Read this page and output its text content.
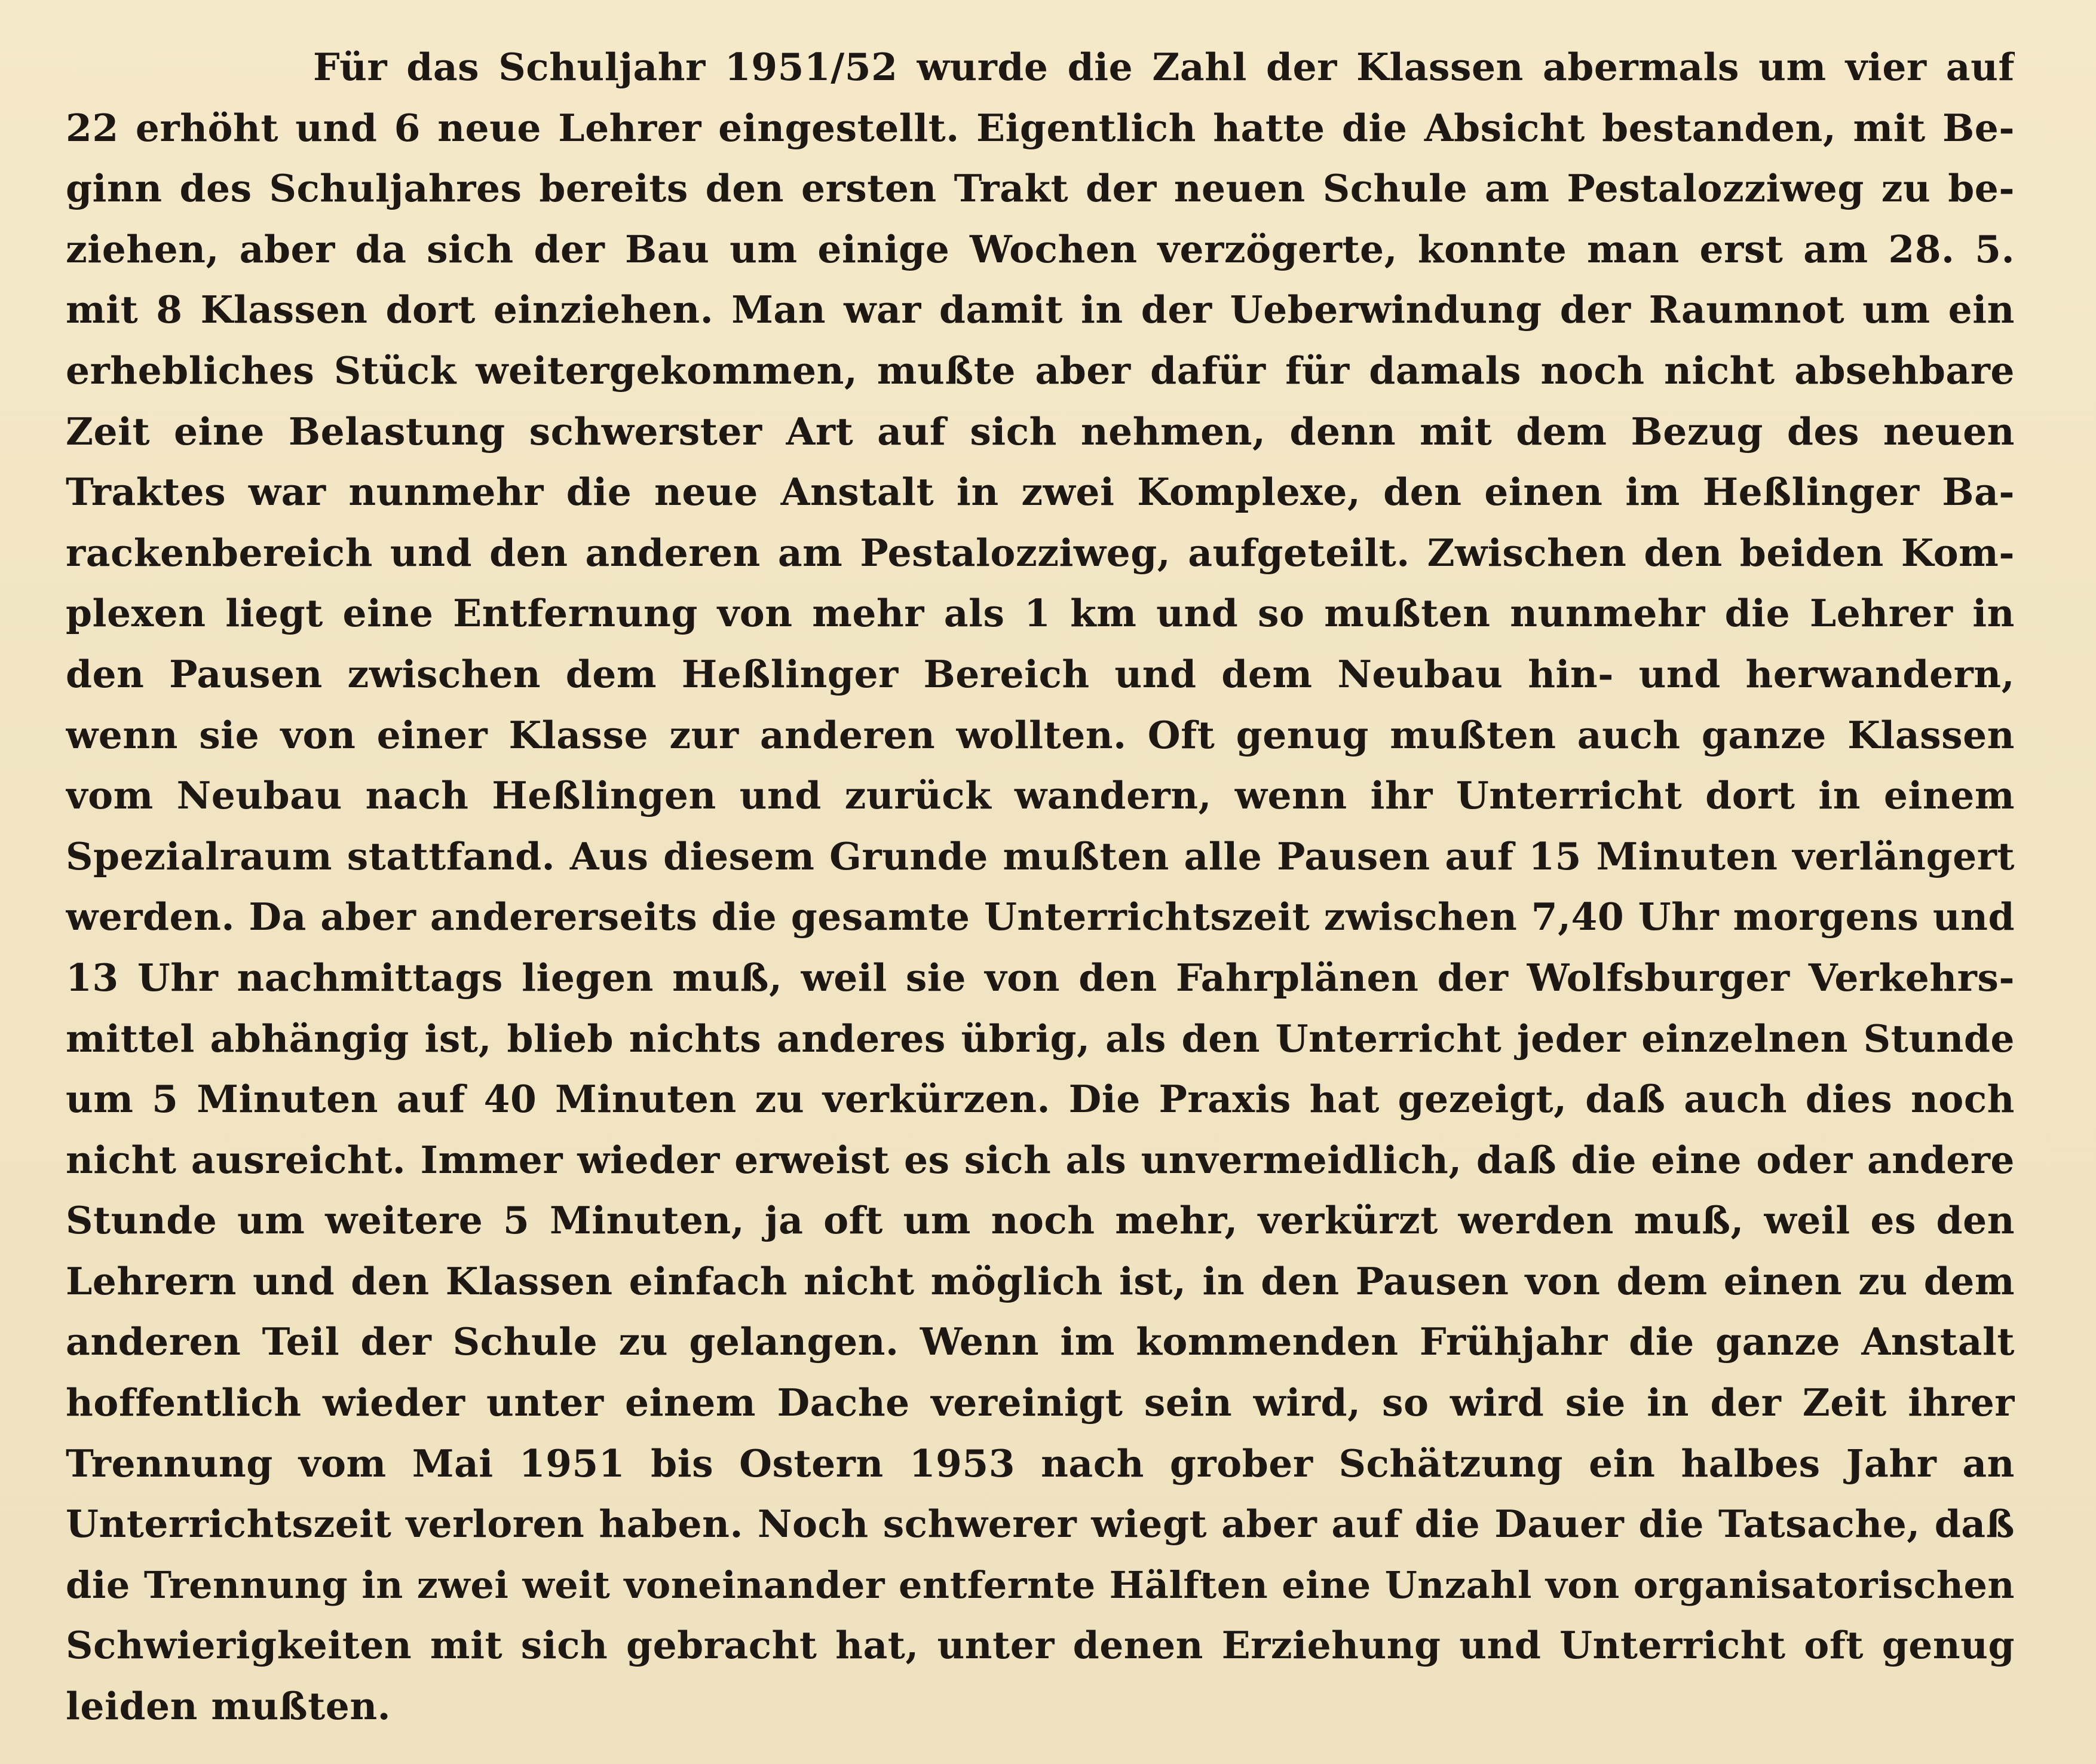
Für das Schuljahr 1951/52 wurde die Zahl der Klassen abermals um vier auf
22 erhöht und 6 neue Lehrer eingestellt. Eigentlich hatte die Absicht bestanden, mit Be-
ginn des Schuljahres bereits den ersten Trakt der neuen Schule am Pestalozziweg zu be-
ziehen, aber da sich der Bau um einige Wochen verzögerte, konnte man erst am 28. 5.
mit 8 Klassen dort einziehen. Man war damit in der Ueberwindung der Raumnot um ein
erhebliches Stück weitergekommen, mußte aber dafür für damals noch nicht absehbare
Zeit eine Belastung schwerster Art auf sich nehmen, denn mit dem Bezug des neuen
Traktes war nunmehr die neue Anstalt in zwei Komplexe, den einen im Heßlinger Ba-
rackenbereich und den anderen am Pestalozziweg, aufgeteilt. Zwischen den beiden Kom-
plexen liegt eine Entfernung von mehr als 1 km und so mußten nunmehr die Lehrer in
den Pausen zwischen dem Heßlinger Bereich und dem Neubau hin- und herwandern,
wenn sie von einer Klasse zur anderen wollten. Oft genug mußten auch ganze Klassen
vom Neubau nach Heßlingen und zurück wandern, wenn ihr Unterricht dort in einem
Spezialraum stattfand. Aus diesem Grunde mußten alle Pausen auf 15 Minuten verlängert
werden. Da aber andererseits die gesamte Unterrichtszeit zwischen 7,40 Uhr morgens und
13 Uhr nachmittags liegen muß, weil sie von den Fahrplänen der Wolfsburger Verkehrs-
mittel abhängig ist, blieb nichts anderes übrig, als den Unterricht jeder einzelnen Stunde
um 5 Minuten auf 40 Minuten zu verkürzen. Die Praxis hat gezeigt, daß auch dies noch
nicht ausreicht. Immer wieder erweist es sich als unvermeidlich, daß die eine oder andere
Stunde um weitere 5 Minuten, ja oft um noch mehr, verkürzt werden muß, weil es den
Lehrern und den Klassen einfach nicht möglich ist, in den Pausen von dem einen zu dem
anderen Teil der Schule zu gelangen. Wenn im kommenden Frühjahr die ganze Anstalt
hoffentlich wieder unter einem Dache vereinigt sein wird, so wird sie in der Zeit ihrer
Trennung vom Mai 1951 bis Ostern 1953 nach grober Schätzung ein halbes Jahr an
Unterrichtszeit verloren haben. Noch schwerer wiegt aber auf die Dauer die Tatsache, daß
die Trennung in zwei weit voneinander entfernte Hälften eine Unzahl von organisatorischen
Schwierigkeiten mit sich gebracht hat, unter denen Erziehung und Unterricht oft genug
leiden mußten.
